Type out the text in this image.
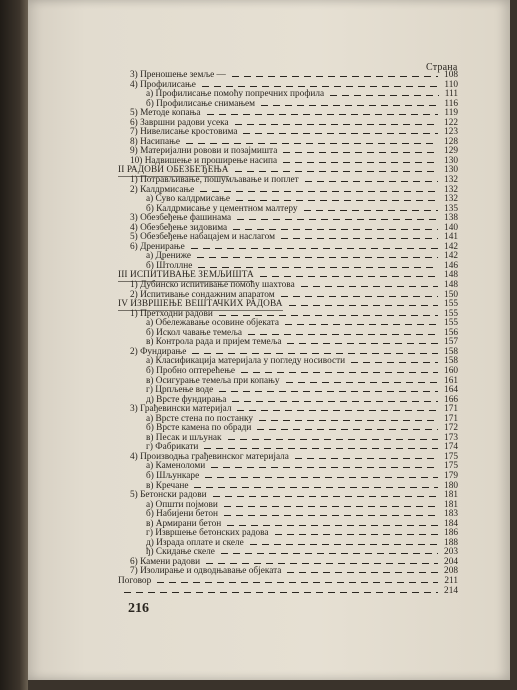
Страна
3) Преношење земље —	108
4) Профилисање	110
а) Профилисање помоћу попречних профила	111
б) Профилисање снимањем	116
5) Методе копања	119
6) Завршни радови усека	122
7) Нивелисање кростовима	123
8) Насипање	128
9) Материјални ровови и позајмишта	129
10) Надвишење и проширење насипа	130
II РАДОВИ ОБЕЗБЕЂЕЊА	130
1) Потрављивање, пошумљавање и поплет	132
2) Калдрмисање	132
а) Суво калдрмисање	132
б) Калдрмисање у цементном малтеру	135
3) Обезбеђење фашинама	138
4) Обезбеђење зидовима	140
5) Обезбеђење набацајем и наслагом	141
6) Дренирање	142
а) Дрениже	142
б) Штоллне	146
III ИСПИТИВАЊЕ ЗЕМЉИШТА	148
1) Дубинско испитивање помоћу шахтова	148
2) Испитивање сондажним апаратом	150
IV ИЗВРШЕЊЕ ВЕШТАЧКИХ РАДОВА	155
1) Претходни радови	155
а) Обележавање осовине објеката	155
б) Искол чавање темеља	156
в) Контрола рада и пријем темеља	157
2) Фундирање	158
а) Класификација материјала у погледу носивости	158
б) Пробно оптерећење	160
в) Осигурање темеља при копању	161
г) Црпљење воде	164
д) Врсте фундирања	166
3) Грађевински материјал	171
а) Врсте стена по постанку	171
б) Врсте камена по обради	172
в) Песак и шљунак	173
г) Фабрикати	174
4) Производња грађевинског материјала	175
а) Каменоломи	175
б) Шљункаре	179
в) Кречане	180
5) Бетонски радови	181
а) Општи појмови	181
б) Набијени бетон	183
в) Армирани бетон	184
г) Извршење бетонских радова	186
д) Израда оплате и скеле	188
ђ) Скидање скеле	203
6) Камени радови	204
7) Изолирање и одводњавање објеката	208
Поговор	211
214
216
